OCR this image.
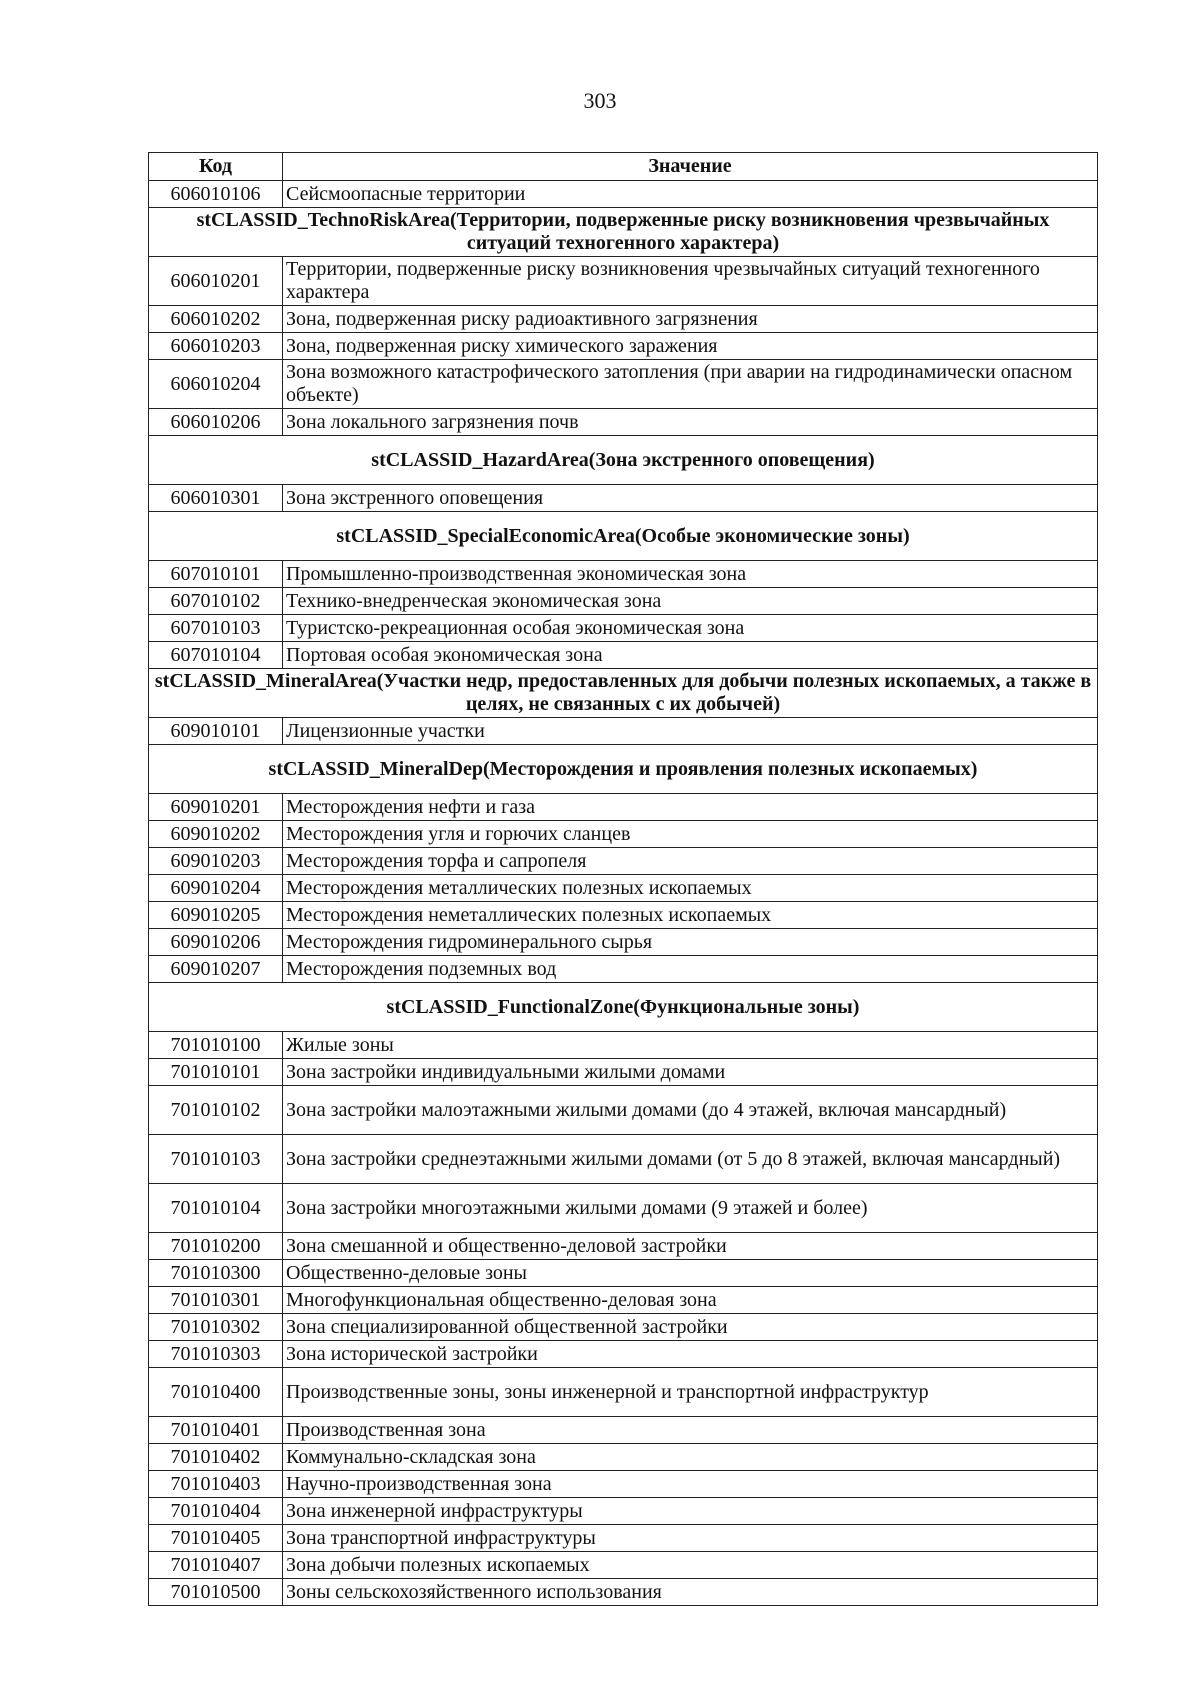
303
Код	Значение
606010106	Сейсмоопасные территории
stCLASSID_TechnoRiskArea(Территории, подверженные риску возникновения чрезвычайных ситуаций техногенного характера)	
606010201	Территории, подверженные риску возникновения чрезвычайных ситуаций техногенного характера
606010202	Зона, подверженная риску радиоактивного загрязнения
606010203	Зона, подверженная риску химического заражения
606010204	Зона возможного катастрофического затопления (при аварии на гидродинамически опасном объекте)
606010206	Зона локального загрязнения почв
stCLASSID_HazardArea(Зона экстренного оповещения)	
606010301	Зона экстренного оповещения
stCLASSID_SpecialEconomicArea(Особые экономические зоны)	
607010101	Промышленно-производственная экономическая зона
607010102	Технико-внедренческая экономическая зона
607010103	Туристско-рекреационная особая экономическая зона
607010104	Портовая особая экономическая зона
stCLASSID_MineralArea(Участки недр, предоставленных для добычи полезных ископаемых, а также в целях, не связанных с их добычей)	
609010101	Лицензионные участки
stCLASSID_MineralDep(Месторождения и проявления полезных ископаемых)	
609010201	Месторождения нефти и газа
609010202	Месторождения угля и горючих сланцев
609010203	Месторождения торфа и сапропеля
609010204	Месторождения металлических полезных ископаемых
609010205	Месторождения неметаллических полезных ископаемых
609010206	Месторождения гидроминерального сырья
609010207	Месторождения подземных вод
stCLASSID_FunctionalZone(Функциональные зоны)	
701010100	Жилые зоны
701010101	Зона застройки индивидуальными жилыми домами
701010102	Зона застройки малоэтажными жилыми домами (до 4 этажей, включая мансардный)
701010103	Зона застройки среднеэтажными жилыми домами (от 5 до 8 этажей, включая мансардный)
701010104	Зона застройки многоэтажными жилыми домами (9 этажей и более)
701010200	Зона смешанной и общественно-деловой застройки
701010300	Общественно-деловые зоны
701010301	Многофункциональная общественно-деловая зона
701010302	Зона специализированной общественной застройки
701010303	Зона исторической застройки
701010400	Производственные зоны, зоны инженерной и транспортной инфраструктур
701010401	Производственная зона
701010402	Коммунально-складская зона
701010403	Научно-производственная зона
701010404	Зона инженерной инфраструктуры
701010405	Зона транспортной инфраструктуры
701010407	Зона добычи полезных ископаемых
701010500	Зоны сельскохозяйственного использования
